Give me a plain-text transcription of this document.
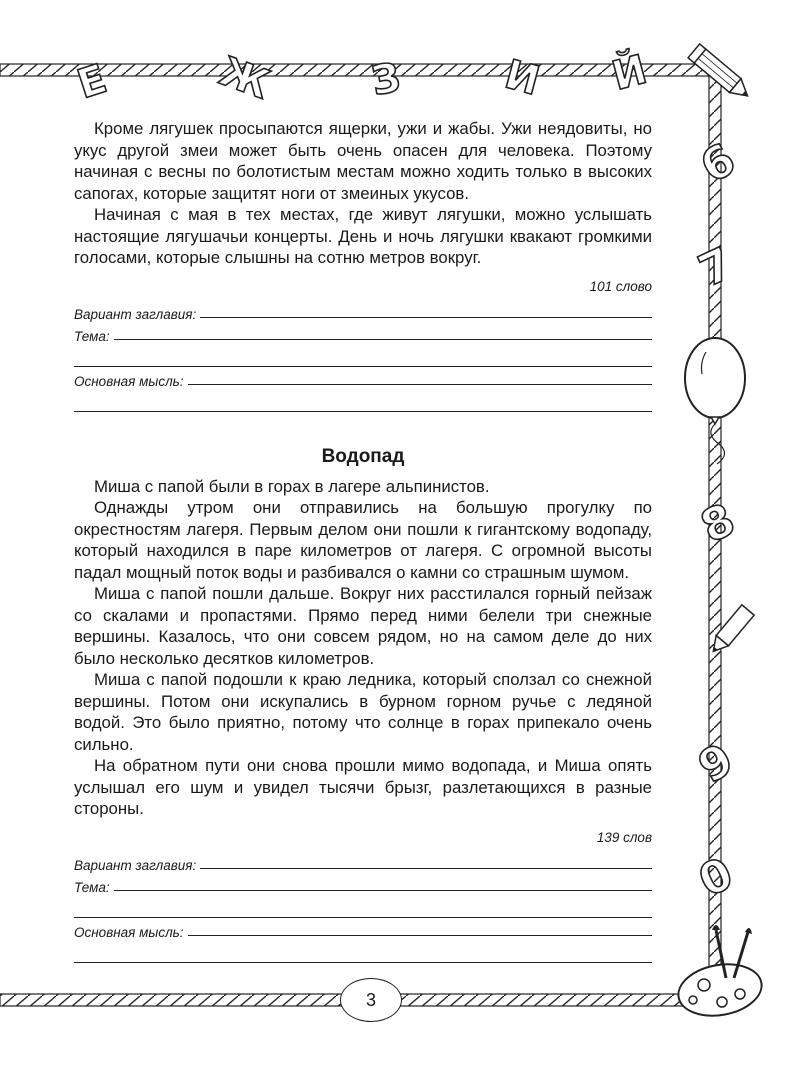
Е	Ж З И Й
6
7
8
9
0

Кроме лягушек просыпаются ящерки, ужи и жабы. Ужи неядовиты, но укус другой змеи может быть очень опасен для человека. Поэтому начиная с весны по болотистым местам можно ходить только в высоких сапогах, которые защитят ноги от змеиных укусов.

Начиная с мая в тех местах, где живут лягушки, можно услышать настоящие лягушачьи концерты. День и ночь лягушки квакают громкими голосами, которые слышны на сотню метров вокруг.

101 слово
Вариант заглавия:
Тема:
Основная мысль:
Водопад

Миша с папой были в горах в лагере альпинистов.

Однажды утром они отправились на большую прогулку по окрестностям лагеря. Первым делом они пошли к гигантскому водопаду, который находился в паре километров от лагеря. С огромной высоты падал мощный поток воды и разбивался о камни со страшным шумом.

Миша с папой пошли дальше. Вокруг них расстилался горный пейзаж со скалами и пропастями. Прямо перед ними белели три снежные вершины. Казалось, что они совсем рядом, но на самом деле до них было несколько десятков километров.

Миша с папой подошли к краю ледника, который сползал со снежной вершины. Потом они искупались в бурном горном ручье с ледяной водой. Это было приятно, потому что солнце в горах припекало очень сильно.

На обратном пути они снова прошли мимо водопада, и Миша опять услышал его шум и увидел тысячи брызг, разлетающихся в разные стороны.

139 слов
Вариант заглавия:
Тема:
Основная мысль:
3
